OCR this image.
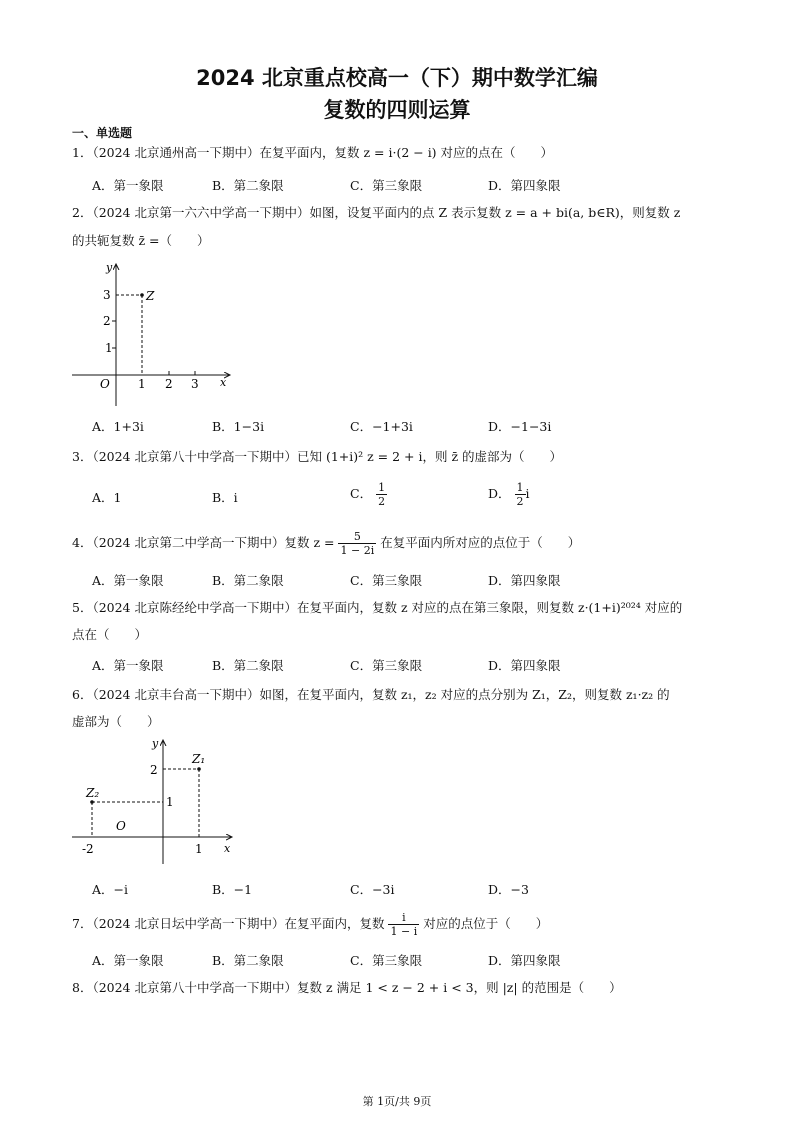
2024 北京重点校高一（下）期中数学汇编
复数的四则运算
一、单选题
1．（2024 北京通州高一下期中）在复平面内，复数 z = i·(2 − i) 对应的点在（　　）
A．第一象限	B．第二象限	C．第三象限	D．第四象限
2．（2024 北京第一六六中学高一下期中）如图，设复平面内的点 Z 表示复数 z = a + bi(a, b∈R)，则复数 z
的共轭复数 z̄ =（　　）
y
x
O
Z
3
2
1
1 2 3
A．1+3i	B．1−3i	C．−1+3i	D．−1−3i
3．（2024 北京第八十中学高一下期中）已知 (1+i)² z = 2 + i，则 z̄ 的虚部为（　　）
A．1	B．i	C． $\frac{1}{2}$	D． $\frac{1}{2}$ i
4．（2024 北京第二中学高一下期中）复数 $z = \frac{5}{1 - 2i}$ 在复平面内所对应的点位于（　　）
A．第一象限	B．第二象限	C．第三象限	D．第四象限
5．（2024 北京陈经纶中学高一下期中）在复平面内，复数 z 对应的点在第三象限，则复数 z·(1+i)²⁰²⁴ 对应的
点在（　　）
A．第一象限	B．第二象限	C．第三象限	D．第四象限
6．（2024 北京丰台高一下期中）如图，在复平面内，复数 z₁，z₂ 对应的点分别为 Z₁，Z₂，则复数 z₁·z₂ 的
虚部为（　　）
y
x
O
Z₁
Z₂
2
1
-2	1
A．−i	B．−1	C．−3i	D．−3
7．（2024 北京日坛中学高一下期中）在复平面内，复数 $\frac{i}{1 - i}$ 对应的点位于（　　）
A．第一象限	B．第二象限	C．第三象限	D．第四象限
8．（2024 北京第八十中学高一下期中）复数 z 满足 1 < z − 2 + i < 3，则 |z| 的范围是（　　）
第 1页/共 9页
